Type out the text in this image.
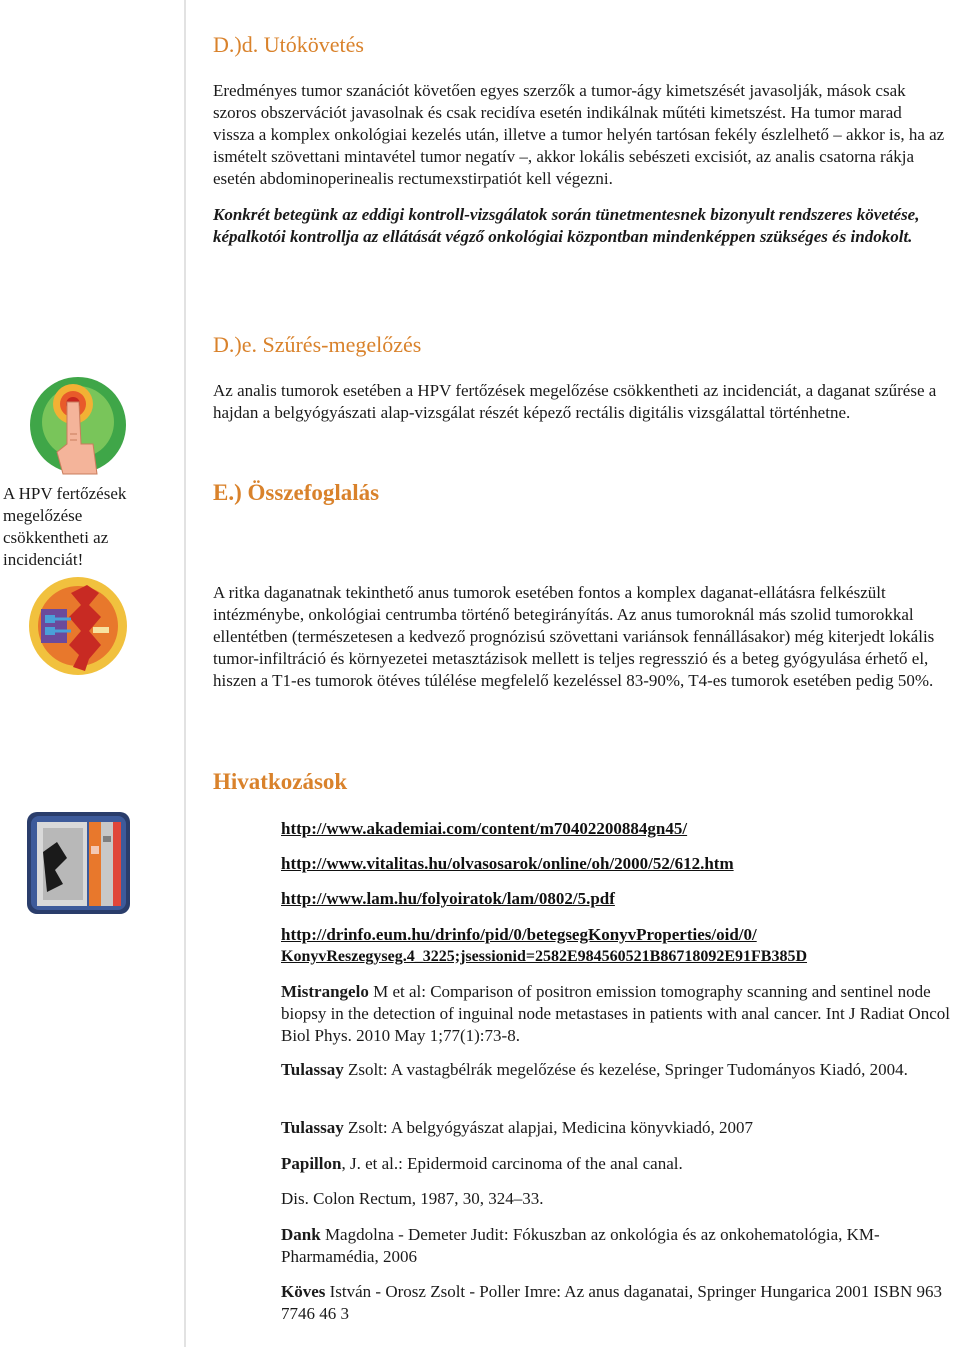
D.)d. Utókövetés

Eredményes tumor szanációt követően egyes szerzők a tumor-ágy kimetszését javasolják, mások csak szoros obszervációt javasolnak és csak recidíva esetén indikálnak műtéti kimetszést. Ha tumor marad vissza a komplex onkológiai kezelés után, illetve a tumor helyén tartósan fekély észlelhető – akkor is, ha az ismételt szövettani mintavétel tumor negatív –, akkor lokális sebészeti excisiót, az analis csatorna rákja esetén abdominoperinealis rectumexstirpatiót kell végezni.

Konkrét betegünk az eddigi kontroll-vizsgálatok során tünetmentesnek bizonyult rendszeres követése, képalkotói kontrollja az ellátását végző onkológiai központban mindenképpen szükséges és indokolt.

D.)e. Szűrés-megelőzés

Az analis tumorok esetében a HPV fertőzések megelőzése csökkentheti az incidenciát, a daganat szűrése a hajdan a belgyógyászati alap-vizsgálat részét képező rectális digitális vizsgálattal történhetne.

A HPV fertőzések megelőzése csökkentheti az incidenciát!
E.) Összefoglalás

A ritka daganatnak tekinthető anus tumorok esetében fontos a komplex daganat-ellátásra felkészült intézménybe, onkológiai centrumba történő betegirányítás. Az anus tumoroknál más szolid tumorokkal ellentétben (természetesen a kedvező prognózisú szövettani variánsok fennállásakor) még kiterjedt lokális tumor-infiltráció és környezetei metasztázisok mellett is teljes regresszió és a beteg gyógyulása érhető el, hiszen a T1-es tumorok ötéves túlélése megfelelő kezeléssel 83-90%, T4-es tumorok esetében pedig 50%.

Hivatkozások
http://www.akademiai.com/content/m70402200884gn45/
http://www.vitalitas.hu/olvasosarok/online/oh/2000/52/612.htm
http://www.lam.hu/folyoiratok/lam/0802/5.pdf
http://drinfo.eum.hu/drinfo/pid/0/betegsegKonyvProperties/oid/0/
KonyvReszegyseg.4_3225;jsessionid=2582E984560521B86718092E91FB385D
Mistrangelo M et al: Comparison of positron emission tomography scanning and sentinel node biopsy in the detection of inguinal node metastases in patients with anal cancer. Int J Radiat Oncol Biol Phys. 2010 May 1;77(1):73-8.
Tulassay Zsolt: A vastagbélrák megelőzése és kezelése, Springer Tudományos Kiadó, 2004.
Tulassay Zsolt: A belgyógyászat alapjai, Medicina könyvkiadó, 2007
Papillon, J. et al.: Epidermoid carcinoma of the anal canal.
Dis. Colon Rectum, 1987, 30, 324–33.
Dank Magdolna - Demeter Judit: Fókuszban az onkológia és az onkohematológia, KM-Pharmamédia, 2006
Köves István - Orosz Zsolt - Poller Imre: Az anus daganatai, Springer Hungarica 2001 ISBN 963 7746 46 3
